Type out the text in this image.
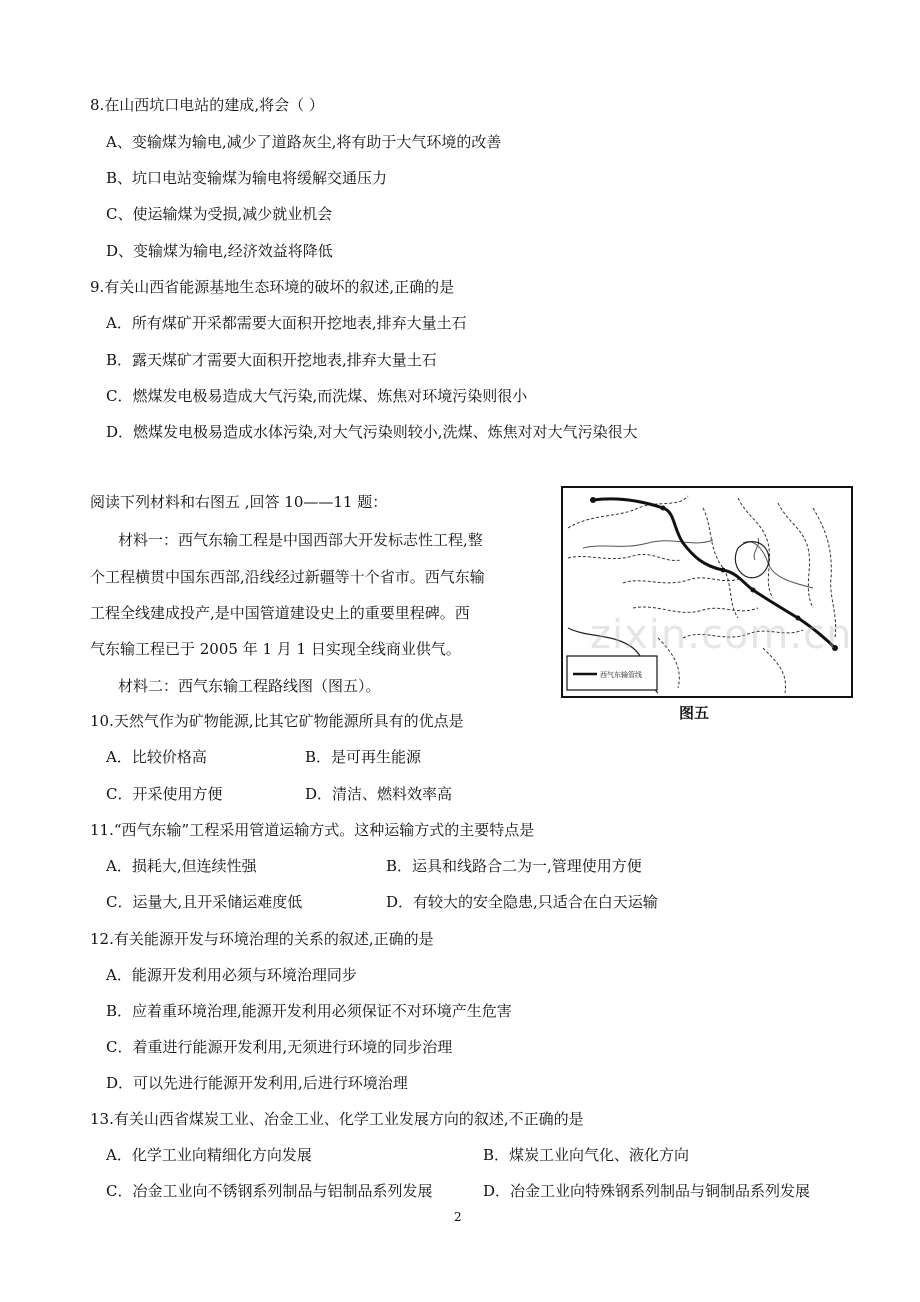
8.在山西坑口电站的建成,将会（ ）
A、变输煤为输电,减少了道路灰尘,将有助于大气环境的改善
B、坑口电站变输煤为输电将缓解交通压力
C、使运输煤为受损,减少就业机会
D、变输煤为输电,经济效益将降低
9.有关山西省能源基地生态环境的破坏的叙述,正确的是
A．所有煤矿开采都需要大面积开挖地表,排弃大量土石
B．露天煤矿才需要大面积开挖地表,排弃大量土石
C．燃煤发电极易造成大气污染,而洗煤、炼焦对环境污染则很小
D．燃煤发电极易造成水体污染,对大气污染则较小,洗煤、炼焦对对大气污染很大
阅读下列材料和右图五 ,回答 10——11 题：
材料一：西气东输工程是中国西部大开发标志性工程,整
个工程横贯中国东西部,沿线经过新疆等十个省市。西气东输
工程全线建成投产,是中国管道建设史上的重要里程碑。西
气东输工程已于 2005 年 1 月 1 日实现全线商业供气。
材料二：西气东输工程路线图（图五）。
西气东输管线
zixin.com.cn
图五
10.天然气作为矿物能源,比其它矿物能源所具有的优点是
A．比较价格高	B．是可再生能源
C．开采使用方便	D．清洁、燃料效率高
11.“西气东输”工程采用管道运输方式。这种运输方式的主要特点是
A．损耗大,但连续性强	B．运具和线路合二为一,管理使用方便
C．运量大,且开采储运难度低	D．有较大的安全隐患,只适合在白天运输
12.有关能源开发与环境治理的关系的叙述,正确的是
A．能源开发利用必须与环境治理同步
B．应着重环境治理,能源开发利用必须保证不对环境产生危害
C．着重进行能源开发利用,无须进行环境的同步治理
D．可以先进行能源开发利用,后进行环境治理
13.有关山西省煤炭工业、冶金工业、化学工业发展方向的叙述,不正确的是
A．化学工业向精细化方向发展	B．煤炭工业向气化、液化方向
C．冶金工业向不锈钢系列制品与铝制品系列发展	D．冶金工业向特殊钢系列制品与铜制品系列发展
2
